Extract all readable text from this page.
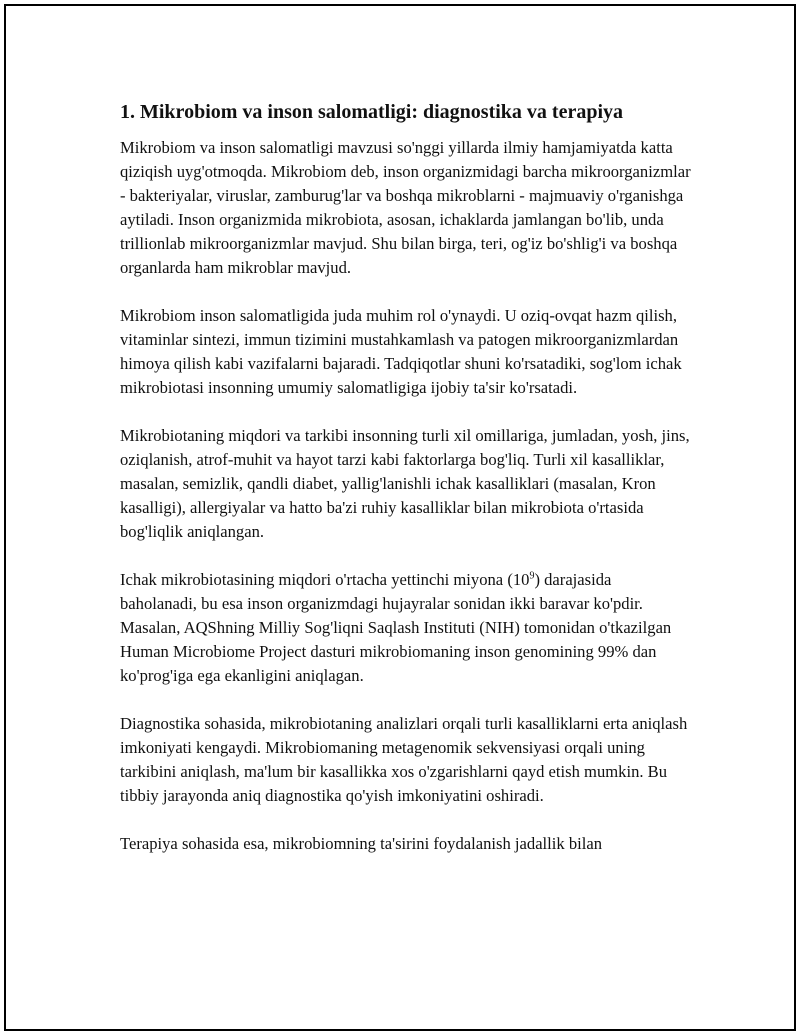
1. Mikrobiom va inson salomatligi: diagnostika va terapiya

Mikrobiom va inson salomatligi mavzusi so'nggi yillarda ilmiy hamjamiyatda katta qiziqish uyg'otmoqda. Mikrobiom deb, inson organizmidagi barcha mikroorganizmlar - bakteriyalar, viruslar, zamburug'lar va boshqa mikroblarni - majmuaviy o'rganishga aytiladi. Inson organizmida mikrobiota, asosan, ichaklarda jamlangan bo'lib, unda trillionlab mikroorganizmlar mavjud. Shu bilan birga, teri, og'iz bo'shlig'i va boshqa organlarda ham mikroblar mavjud.

Mikrobiom inson salomatligida juda muhim rol o'ynaydi. U oziq-ovqat hazm qilish, vitaminlar sintezi, immun tizimini mustahkamlash va patogen mikroorganizmlardan himoya qilish kabi vazifalarni bajaradi. Tadqiqotlar shuni ko'rsatadiki, sog'lom ichak mikrobiotasi insonning umumiy salomatligiga ijobiy ta'sir ko'rsatadi.

Mikrobiotaning miqdori va tarkibi insonning turli xil omillariga, jumladan, yosh, jins, oziqlanish, atrof-muhit va hayot tarzi kabi faktorlarga bog'liq. Turli xil kasalliklar, masalan, semizlik, qandli diabet, yallig'lanishli ichak kasalliklari (masalan, Kron kasalligi), allergiyalar va hatto ba'zi ruhiy kasalliklar bilan mikrobiota o'rtasida bog'liqlik aniqlangan.

Ichak mikrobiotasining miqdori o'rtacha yettinchi miyona $(10^9)$ darajasida baholanadi, bu esa inson organizmdagi hujayralar sonidan ikki baravar ko'pdir. Masalan, AQShning Milliy Sog'liqni Saqlash Instituti (NIH) tomonidan o'tkazilgan Human Microbiome Project dasturi mikrobiomaning inson genomining 99% dan ko'prog'iga ega ekanligini aniqlagan.

Diagnostika sohasida, mikrobiotaning analizlari orqali turli kasalliklarni erta aniqlash imkoniyati kengaydi. Mikrobiomaning metagenomik sekvensiyasi orqali uning tarkibini aniqlash, ma'lum bir kasallikka xos o'zgarishlarni qayd etish mumkin. Bu tibbiy jarayonda aniq diagnostika qo'yish imkoniyatini oshiradi.

Terapiya sohasida esa, mikrobiomning ta'sirini foydalanish jadallik bilan
